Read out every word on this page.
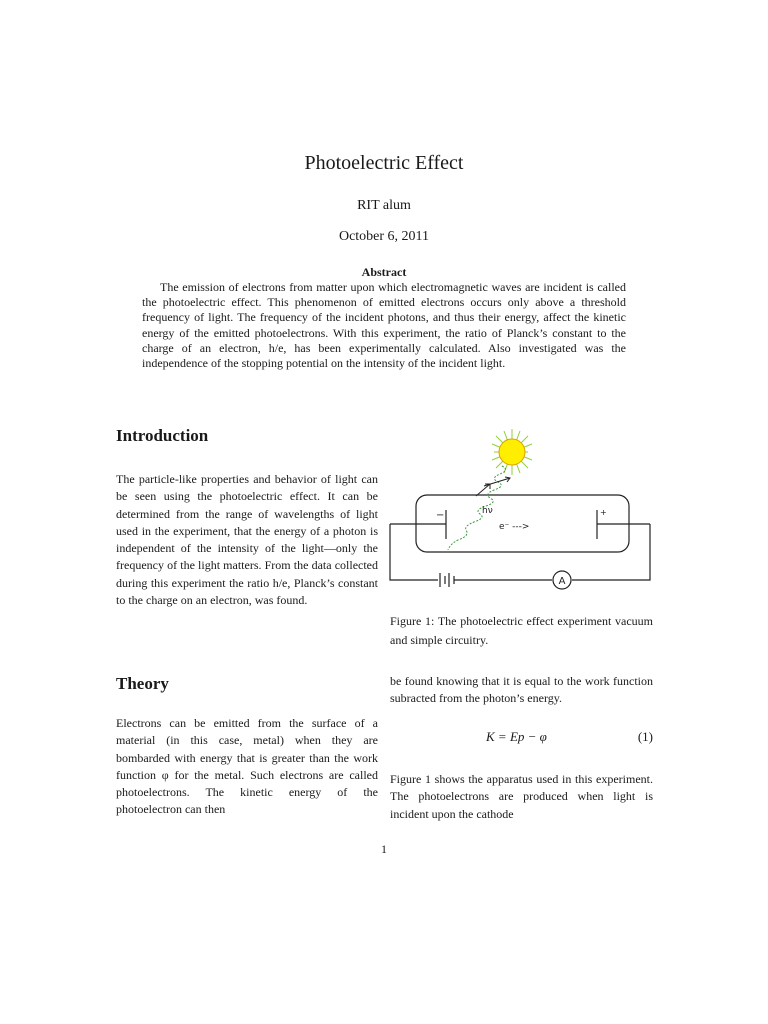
Photoelectric Effect
RIT alum
October 6, 2011
Abstract
The emission of electrons from matter upon which electromagnetic waves are incident is called the photoelectric effect. This phenomenon of emitted electrons occurs only above a threshold frequency of light. The frequency of the incident photons, and thus their energy, affect the kinetic energy of the emitted photoelectrons. With this experiment, the ratio of Planck’s constant to the charge of an electron, h/e, has been experimentally calculated. Also investigated was the independence of the stopping potential on the intensity of the incident light.
Introduction
The particle-like properties and behavior of light can be seen using the photoelectric effect. It can be determined from the range of wavelengths of light used in the experiment, that the energy of a photon is independent of the intensity of the light—only the frequency of the light matters. From the data collected during this experiment the ratio h/e, Planck’s constant to the charge on an electron, was found.
Theory
Electrons can be emitted from the surface of a material (in this case, metal) when they are bombarded with energy that is greater than the work function φ for the metal. Such electrons are called photoelectrons. The kinetic energy of the photoelectron can then
hν
e⁻ --->
−	+
A
Figure 1: The photoelectric effect experiment vacuum and simple circuitry.
be found knowing that it is equal to the work function subracted from the photon’s energy.
K = Ep − φ	(1)
Figure 1 shows the apparatus used in this experiment. The photoelectrons are produced when light is incident upon the cathode
1
